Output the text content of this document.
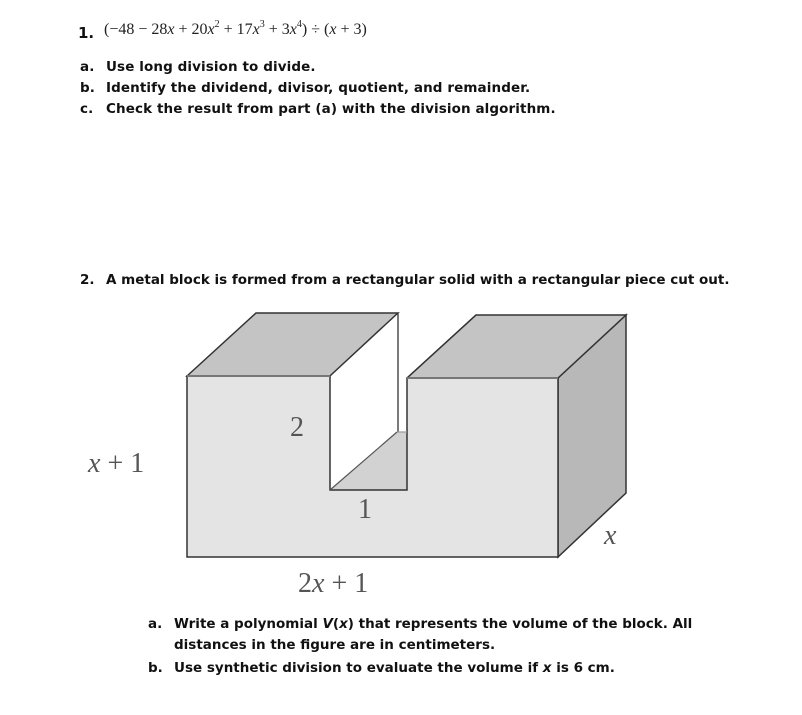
1. $(-48 - 28x + 20x^2 + 17x^3 + 3x^4) \div (x + 3)$
a. Use long division to divide.
b. Identify the dividend, divisor, quotient, and remainder.
c. Check the result from part (a) with the division algorithm.
2. A metal block is formed from a rectangular solid with a rectangular piece cut out.
x + 1
2
1
x
2x + 1
a. Write a polynomial V(x) that represents the volume of the block. All distances in the figure are in centimeters.
b. Use synthetic division to evaluate the volume if x is 6 cm.
